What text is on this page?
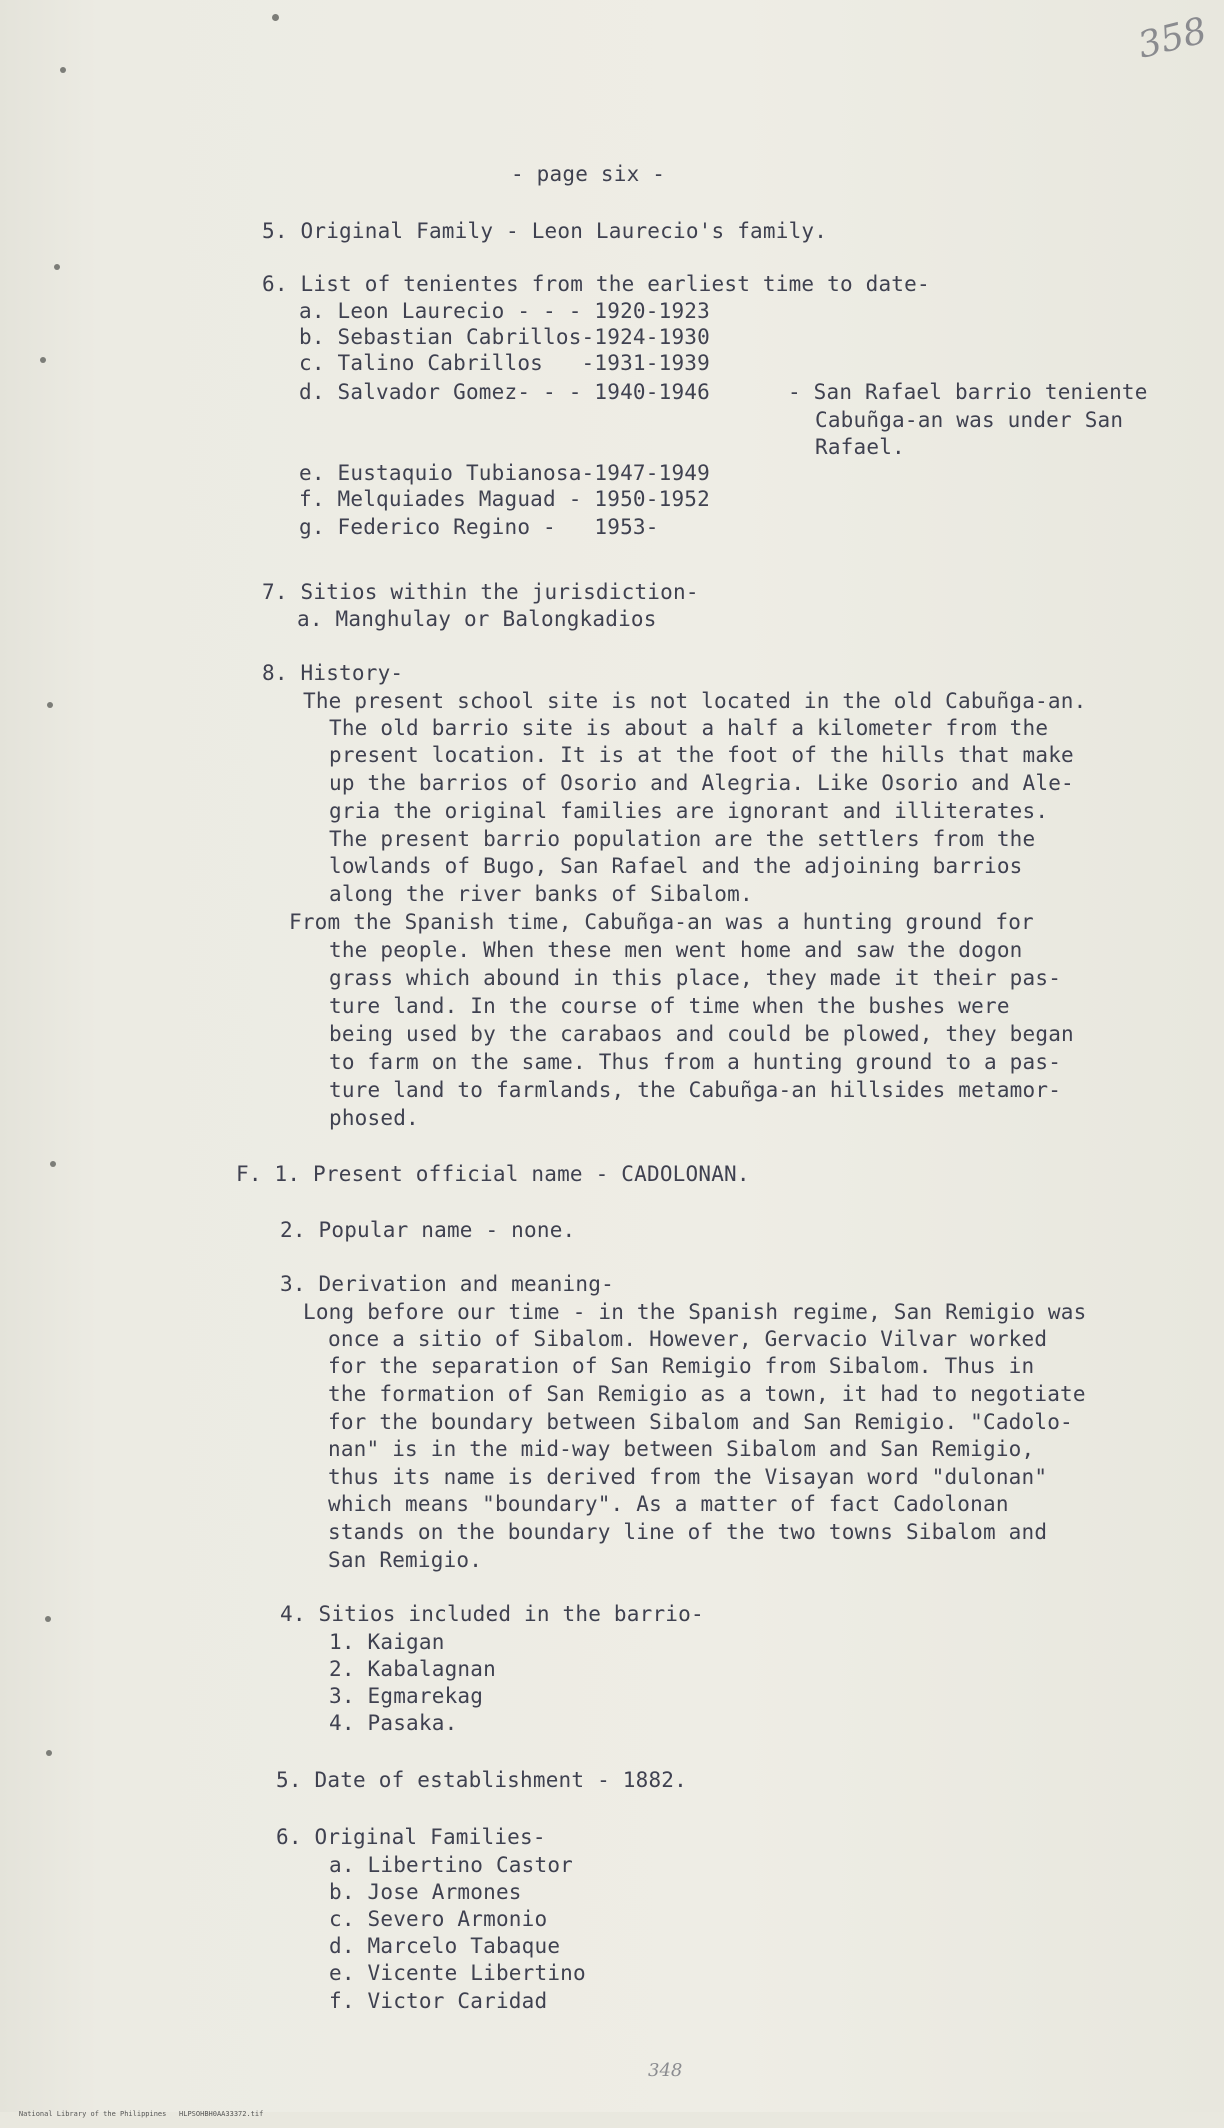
358
- page six -
5. Original Family - Leon Laurecio's family.
6. List of tenientes from the earliest time to date-
a. Leon Laurecio - - - 1920-1923
b. Sebastian Cabrillos-1924-1930
c. Talino Cabrillos   -1931-1939
d. Salvador Gomez- - - 1940-1946
e. Eustaquio Tubianosa-1947-1949
f. Melquiades Maguad - 1950-1952
g. Federico Regino -   1953-
- San Rafael barrio teniente
Cabuñga-an was under San
Rafael.
7. Sitios within the jurisdiction-
a. Manghulay or Balongkadios
8. History-
The present school site is not located in the old Cabuñga-an.
The old barrio site is about a half a kilometer from the
present location. It is at the foot of the hills that make
up the barrios of Osorio and Alegria. Like Osorio and Ale-
gria the original families are ignorant and illiterates.
The present barrio population are the settlers from the
lowlands of Bugo, San Rafael and the adjoining barrios
along the river banks of Sibalom.
From the Spanish time, Cabuñga-an was a hunting ground for
the people. When these men went home and saw the dogon
grass which abound in this place, they made it their pas-
ture land. In the course of time when the bushes were
being used by the carabaos and could be plowed, they began
to farm on the same. Thus from a hunting ground to a pas-
ture land to farmlands, the Cabuñga-an hillsides metamor-
phosed.
F. 1. Present official name - CADOLONAN.
2. Popular name - none.
3. Derivation and meaning-
Long before our time - in the Spanish regime, San Remigio was
once a sitio of Sibalom. However, Gervacio Vilvar worked
for the separation of San Remigio from Sibalom. Thus in
the formation of San Remigio as a town, it had to negotiate
for the boundary between Sibalom and San Remigio. "Cadolo-
nan" is in the mid-way between Sibalom and San Remigio,
thus its name is derived from the Visayan word "dulonan"
which means "boundary". As a matter of fact Cadolonan
stands on the boundary line of the two towns Sibalom and
San Remigio.
4. Sitios included in the barrio-
1. Kaigan
2. Kabalagnan
3. Egmarekag
4. Pasaka.
5. Date of establishment - 1882.
6. Original Families-
a. Libertino Castor
b. Jose Armones
c. Severo Armonio
d. Marcelo Tabaque
e. Vicente Libertino
f. Victor Caridad
348

National Library of the Philippines HLPSOHBH0AA33372.tif
